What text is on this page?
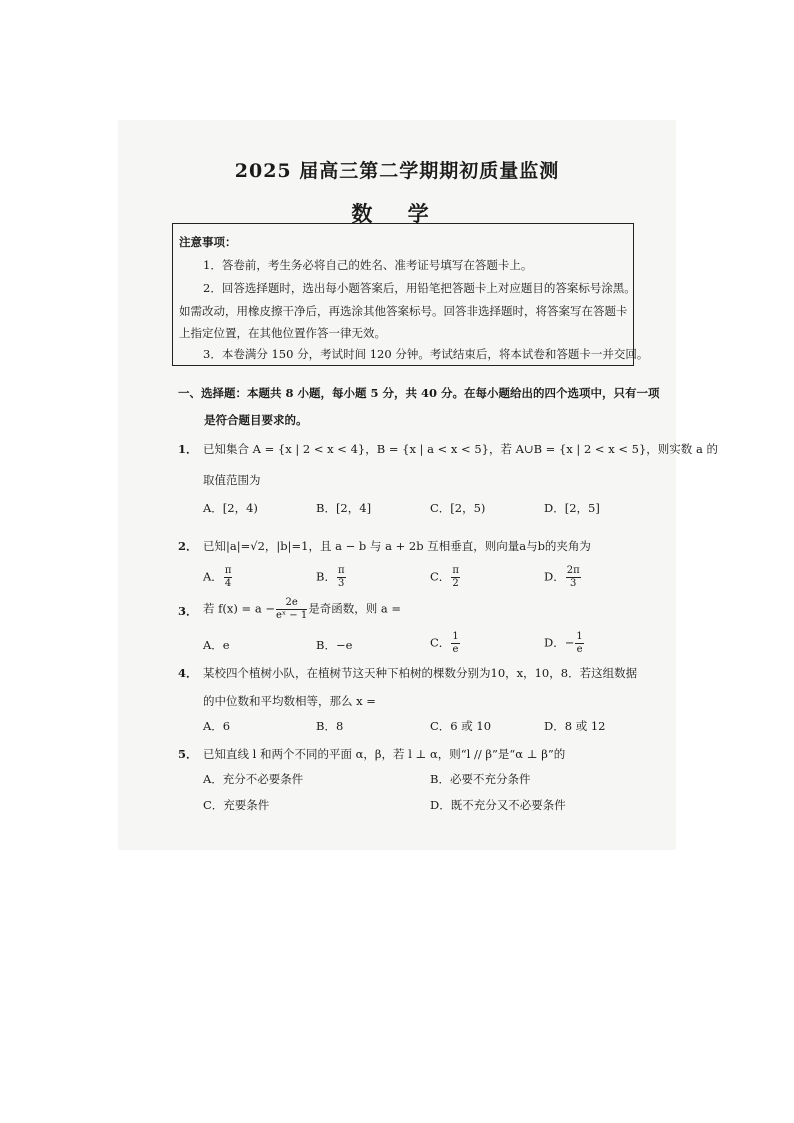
2025 届高三第二学期期初质量监测
数 学
注意事项：
1．答卷前，考生务必将自己的姓名、准考证号填写在答题卡上。
2．回答选择题时，选出每小题答案后，用铅笔把答题卡上对应题目的答案标号涂黑。
如需改动，用橡皮擦干净后，再选涂其他答案标号。回答非选择题时，将答案写在答题卡
上指定位置，在其他位置作答一律无效。
3．本卷满分 150 分，考试时间 120 分钟。考试结束后，将本试卷和答题卡一并交回。
一、选择题：本题共 8 小题，每小题 5 分，共 40 分。在每小题给出的四个选项中，只有一项
是符合题目要求的。
1． 已知集合 A = {x | 2 < x < 4}，B = {x | a < x < 5}，若 A∪B = {x | 2 < x < 5}，则实数 a 的
取值范围为
A．[2，4)	B．[2，4]	C．[2，5)	D．[2，5]
2． 已知|a|=√2，|b|=1，且 a − b 与 a + 2b 互相垂直，则向量a与b的夹角为
A． $\frac{\pi}{4}$	B． $\frac{\pi}{3}$	C． $\frac{\pi}{2}$	D． $\frac{2\pi}{3}$
3． 若 $f(x) = a - \frac{2e}{\text{eˣ − 1}}$ 是奇函数，则 a =
A．e	B．−e	C． $\frac{1}{e}$	D．− $\frac{1}{e}$
4． 某校四个植树小队，在植树节这天种下柏树的棵数分别为10，x，10，8．若这组数据
的中位数和平均数相等，那么 x =
A．6	B．8	C．6 或 10	D．8 或 12
5． 已知直线 l 和两个不同的平面 α，β，若 l ⊥ α，则“l // β”是“α ⊥ β”的
A．充分不必要条件	B．必要不充分条件
C．充要条件	D．既不充分又不必要条件
